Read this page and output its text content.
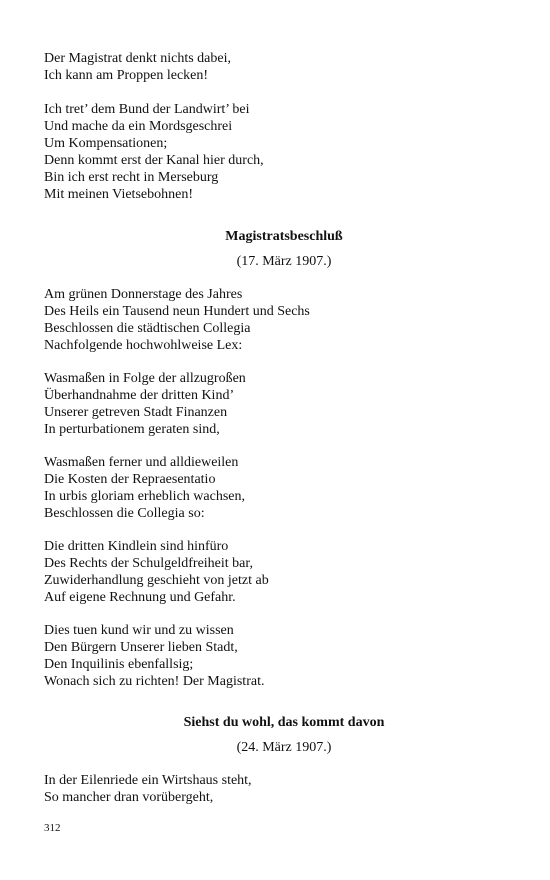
Der Magistrat denkt nichts dabei,
Ich kann am Proppen lecken!
Ich tret’ dem Bund der Landwirt’ bei
Und mache da ein Mordsgeschrei
Um Kompensationen;
Denn kommt erst der Kanal hier durch,
Bin ich erst recht in Merseburg
Mit meinen Vietsebohnen!
Magistratsbeschluß
(17. März 1907.)
Am grünen Donnerstage des Jahres
Des Heils ein Tausend neun Hundert und Sechs
Beschlossen die städtischen Collegia
Nachfolgende hochwohlweise Lex:
Wasmaßen in Folge der allzugroßen
Überhandnahme der dritten Kind’
Unserer getreven Stadt Finanzen
In perturbationem geraten sind,
Wasmaßen ferner und alldieweilen
Die Kosten der Repraesentatio
In urbis gloriam erheblich wachsen,
Beschlossen die Collegia so:
Die dritten Kindlein sind hinfüro
Des Rechts der Schulgeldfreiheit bar,
Zuwiderhandlung geschieht von jetzt ab
Auf eigene Rechnung und Gefahr.
Dies tuen kund wir und zu wissen
Den Bürgern Unserer lieben Stadt,
Den Inquilinis ebenfallsig;
Wonach sich zu richten! Der Magistrat.
Siehst du wohl, das kommt davon
(24. März 1907.)
In der Eilenriede ein Wirtshaus steht,
So mancher dran vorübergeht,
312
